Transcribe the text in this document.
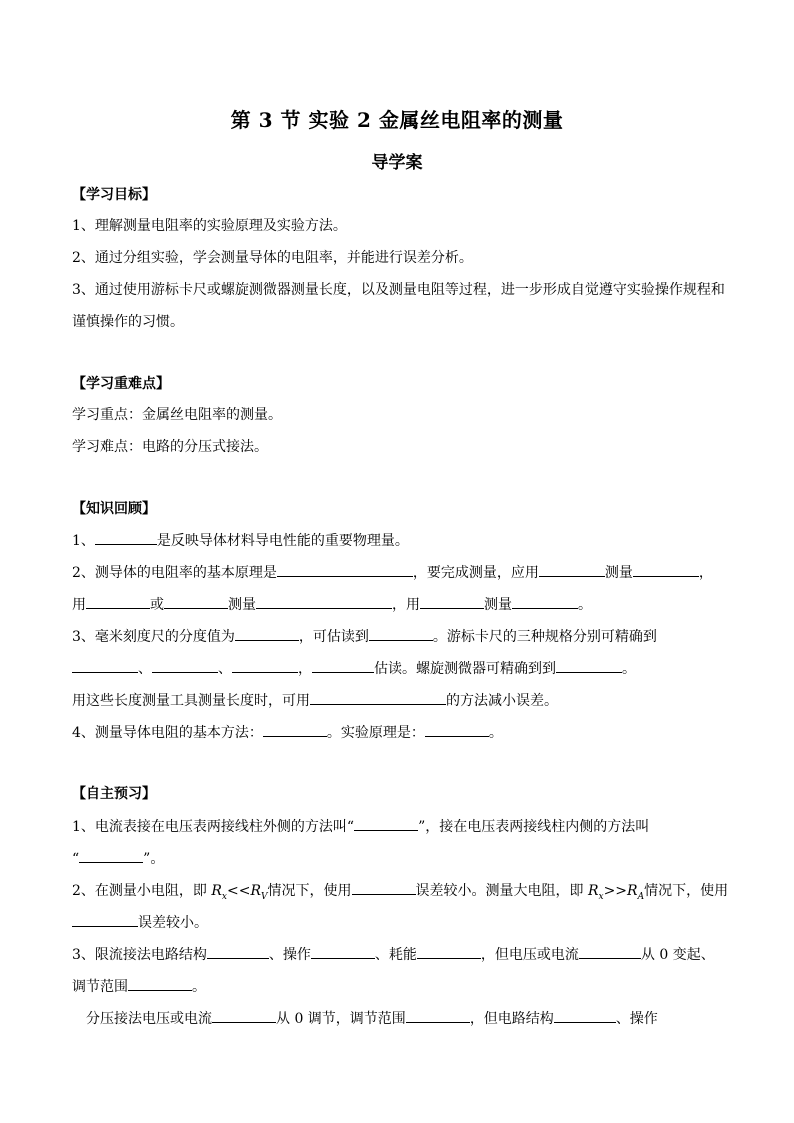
第 3 节 实验 2 金属丝电阻率的测量
导学案

【学习目标】

1、理解测量电阻率的实验原理及实验方法。

2、通过分组实验，学会测量导体的电阻率，并能进行误差分析。

3、通过使用游标卡尺或螺旋测微器测量长度，以及测量电阻等过程，进一步形成自觉遵守实验操作规程和

谨慎操作的习惯。

【学习重难点】

学习重点：金属丝电阻率的测量。

学习难点：电路的分压式接法。

【知识回顾】

1、	是反映导体材料导电性能的重要物理量。

2、测导体的电阻率的基本原理是	，要完成测量，应用	测量	，

用	或	测量	，用	测量	。

3、毫米刻度尺的分度值为	，可估读到	。游标卡尺的三种规格分别可精确到

、	、	，	估读。螺旋测微器可精确到到	。

用这些长度测量工具测量长度时，可用	的方法减小误差。

4、测量导体电阻的基本方法：	。实验原理是：	。

【自主预习】

1、电流表接在电压表两接线柱外侧的方法叫“	”，接在电压表两接线柱内侧的方法叫

“	”。

2、在测量小电阻，即 $R_x<<R_V$情况下，使用	误差较小。测量大电阻，即 $R_x>>R_A$情况下，使用

误差较小。

3、限流接法电路结构	、操作	、耗能	，但电压或电流	从 0 变起、

调节范围	。

分压接法电压或电流	从 0 调节，调节范围	，但电路结构	、操作
